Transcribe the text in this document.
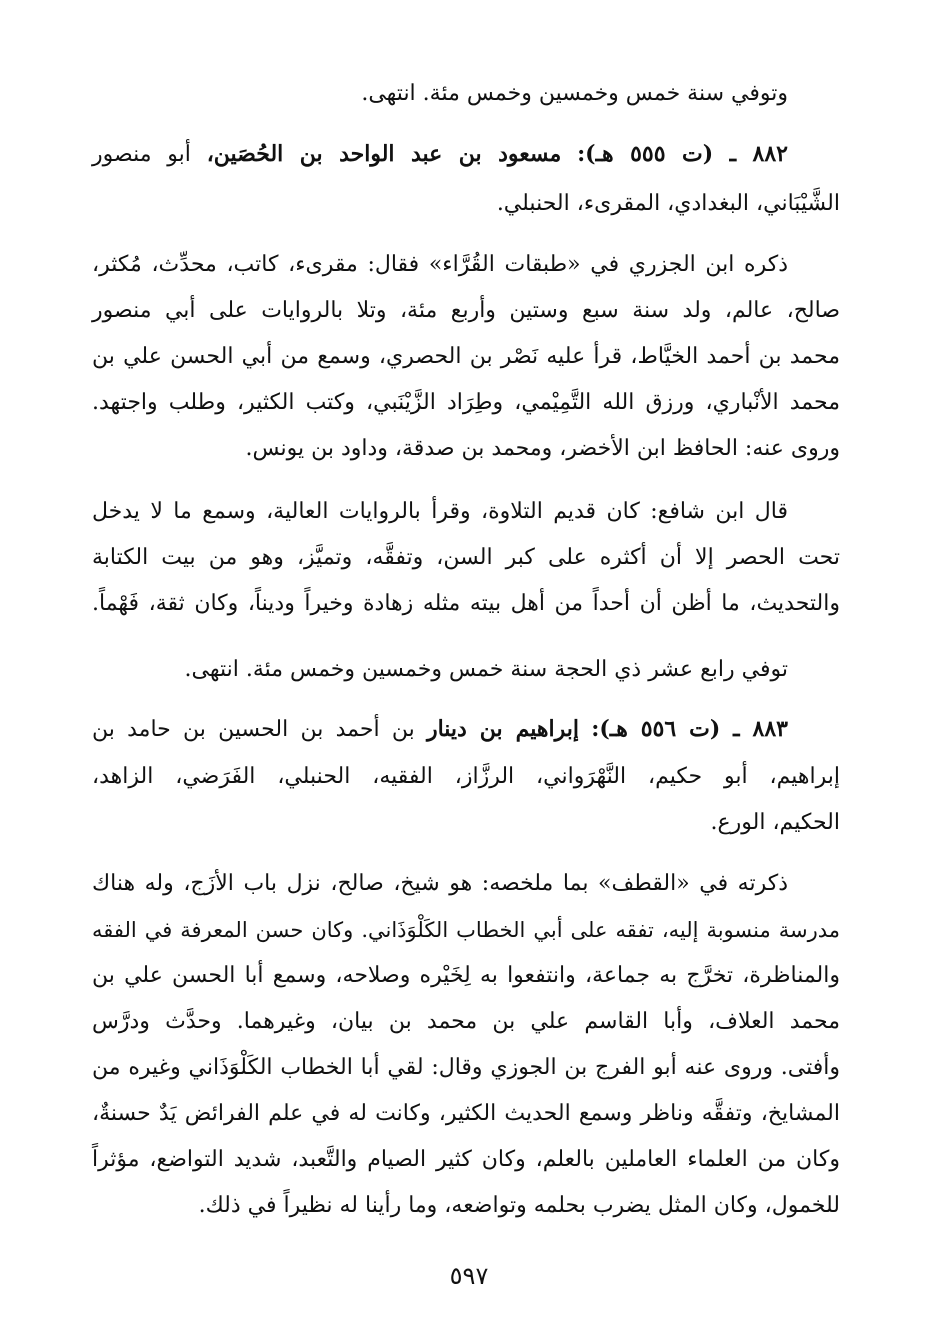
وتوفي سنة خمس وخمسين وخمس مئة. انتهى.
٨٨٢ ـ (ت ٥٥٥ هـ): مسعود بن عبد الواحد بن الحُصَين، أبو منصور
الشَّيْبَاني، البغدادي، المقرىء، الحنبلي.
ذكره ابن الجزري في «طبقات القُرَّاء» فقال: مقرىء، كاتب، محدِّث، مُكثر،
صالح، عالم، ولد سنة سبع وستين وأربع مئة، وتلا بالروايات على أبي منصور
محمد بن أحمد الخيَّاط، قرأ عليه نَصْر بن الحصري، وسمع من أبي الحسن علي بن
محمد الأنْباري، ورزق الله التَّمِيْمي، وطِرَاد الزَّيْنَبي، وكتب الكثير، وطلب واجتهد.
وروى عنه: الحافظ ابن الأخضر، ومحمد بن صدقة، وداود بن يونس.
قال ابن شافع: كان قديم التلاوة، وقرأ بالروايات العالية، وسمع ما لا يدخل
تحت الحصر إلا أن أكثره على كبر السن، وتفقَّه، وتميَّز، وهو من بيت الكتابة
والتحديث، ما أظن أن أحداً من أهل بيته مثله زهادة وخيراً وديناً، وكان ثقة، فَهْماً.
توفي رابع عشر ذي الحجة سنة خمس وخمسين وخمس مئة. انتهى.
٨٨٣ ـ (ت ٥٥٦ هـ): إبراهيم بن دينار بن أحمد بن الحسين بن حامد بن
إبراهيم، أبو حكيم، النَّهْرَواني، الرزَّاز، الفقيه، الحنبلي، الفَرَضي، الزاهد،
الحكيم، الورع.
ذكرته في «القطف» بما ملخصه: هو شيخ، صالح، نزل باب الأزَج، وله هناك
مدرسة منسوبة إليه، تفقه على أبي الخطاب الكَلْوَذَاني. وكان حسن المعرفة في الفقه
والمناظرة، تخرَّج به جماعة، وانتفعوا به لِخَيْره وصلاحه، وسمع أبا الحسن علي بن
محمد العلاف، وأبا القاسم علي بن محمد بن بيان، وغيرهما. وحدَّث ودرَّس
وأفتى. وروى عنه أبو الفرج بن الجوزي وقال: لقي أبا الخطاب الكَلْوَذَاني وغيره من
المشايخ، وتفقَّه وناظر وسمع الحديث الكثير، وكانت له في علم الفرائض يَدٌ حسنةٌ،
وكان من العلماء العاملين بالعلم، وكان كثير الصيام والتَّعبد، شديد التواضع، مؤثراً
للخمول، وكان المثل يضرب بحلمه وتواضعه، وما رأينا له نظيراً في ذلك.
٥٩٧
